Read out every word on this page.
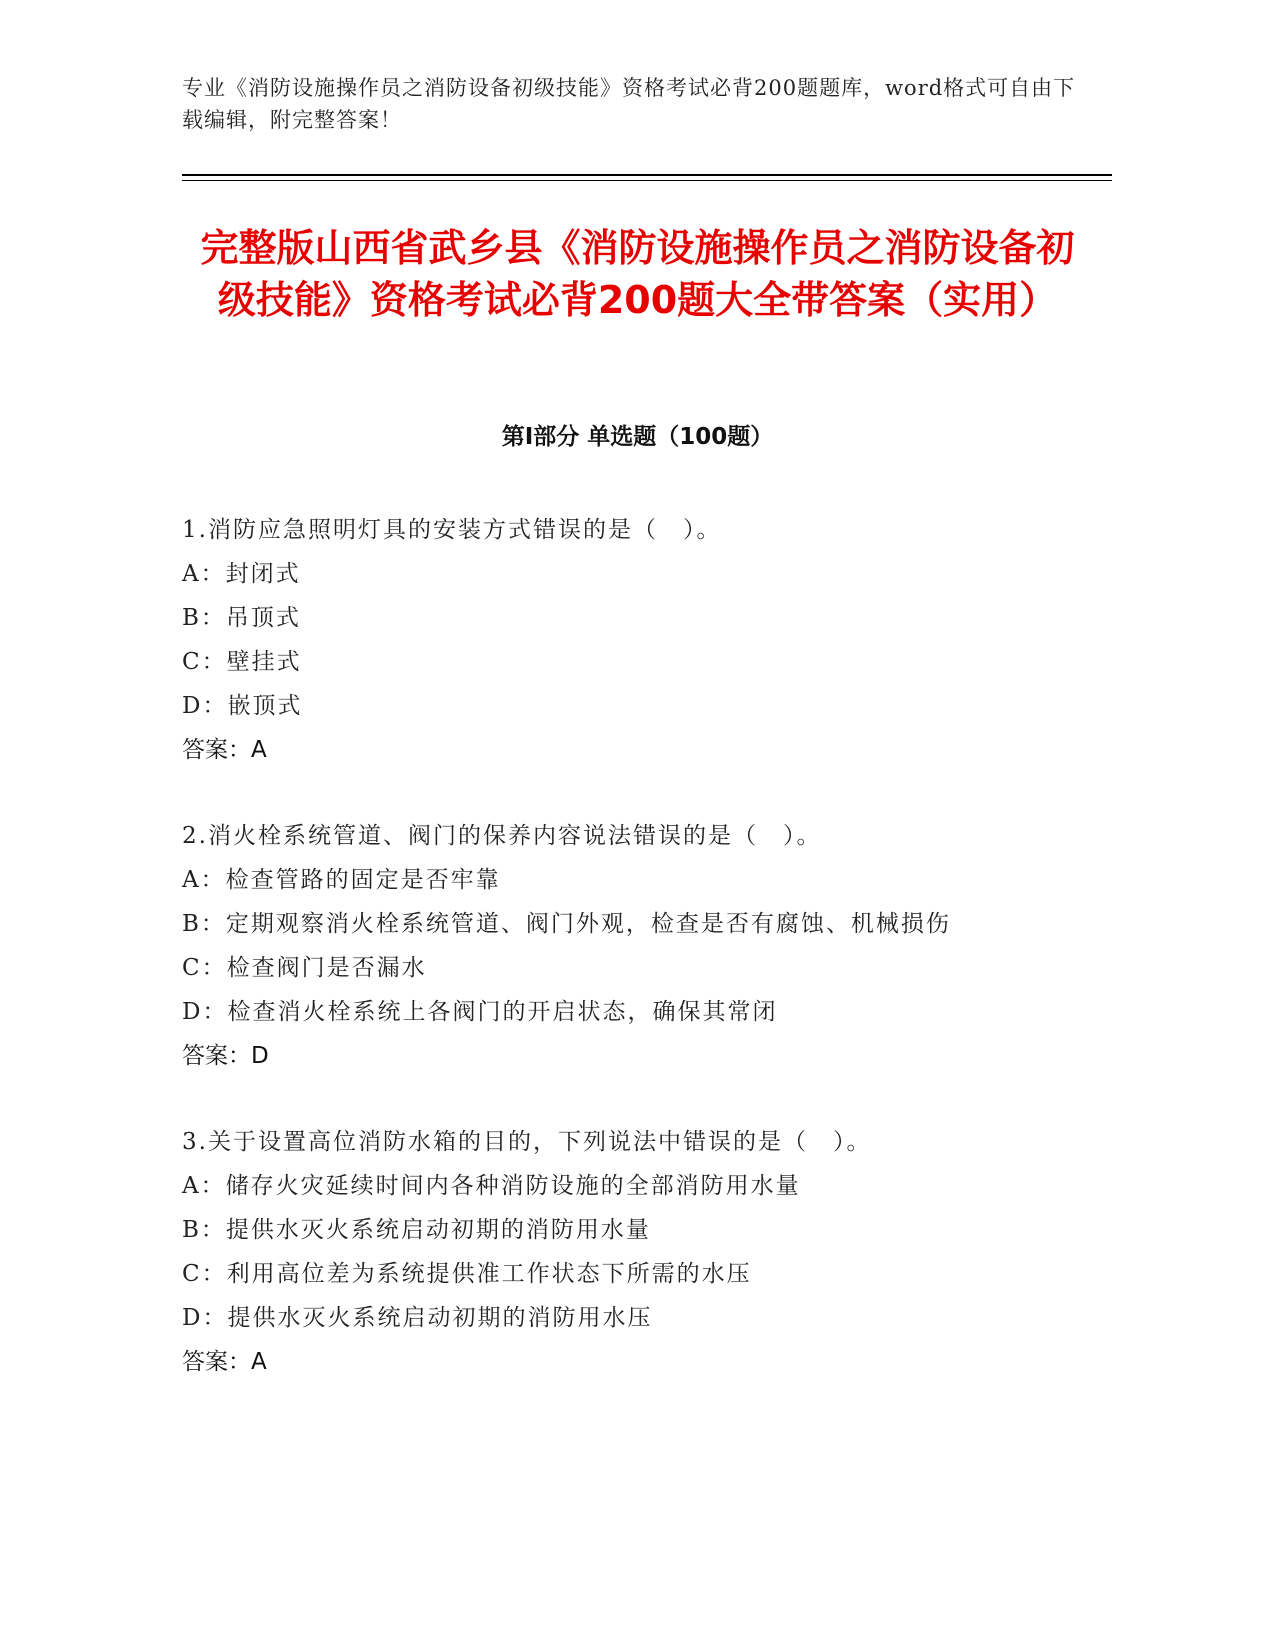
专业《消防设施操作员之消防设备初级技能》资格考试必背200题题库，word格式可自由下载编辑，附完整答案！
完整版山西省武乡县《消防设施操作员之消防设备初级技能》资格考试必背200题大全带答案（实用）
第I部分 单选题（100题）
1.消防应急照明灯具的安装方式错误的是（　）。
A：封闭式
B：吊顶式
C：壁挂式
D：嵌顶式
答案：A
2.消火栓系统管道、阀门的保养内容说法错误的是（　）。
A：检查管路的固定是否牢靠
B：定期观察消火栓系统管道、阀门外观，检查是否有腐蚀、机械损伤
C：检查阀门是否漏水
D：检查消火栓系统上各阀门的开启状态，确保其常闭
答案：D
3.关于设置高位消防水箱的目的，下列说法中错误的是（　）。
A：储存火灾延续时间内各种消防设施的全部消防用水量
B：提供水灭火系统启动初期的消防用水量
C：利用高位差为系统提供准工作状态下所需的水压
D：提供水灭火系统启动初期的消防用水压
答案：A
